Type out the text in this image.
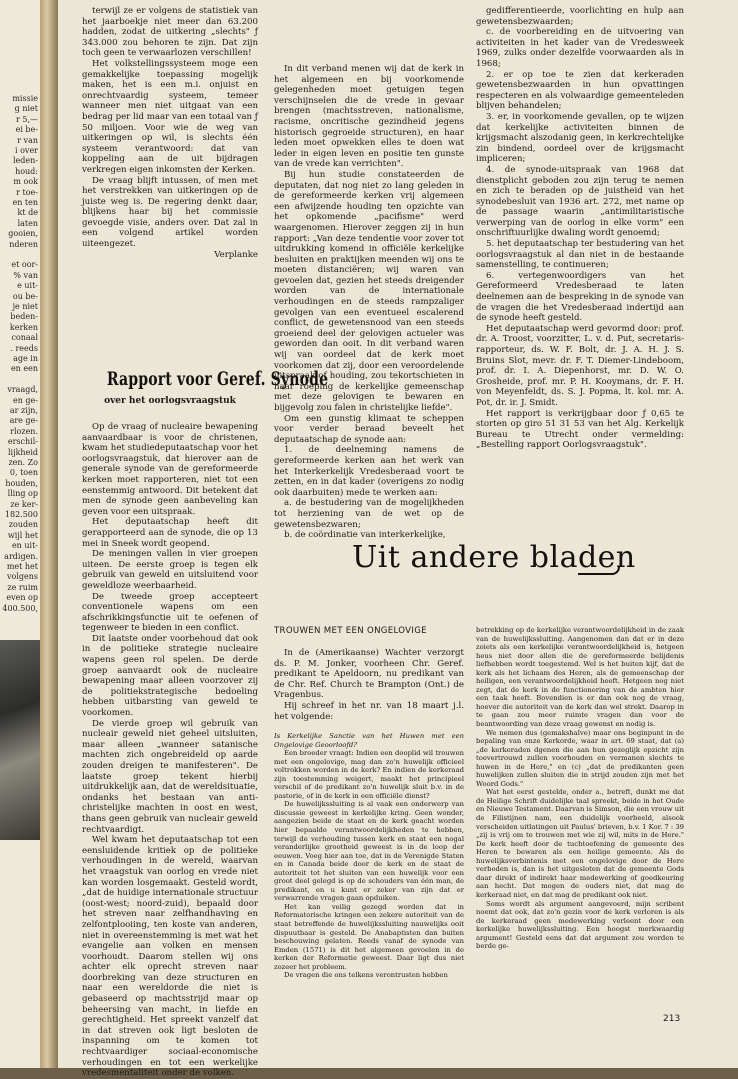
missie
g niet
r 5,—
ei be-
r van
i over
leden-
houd:
m ook
r toe-
en ten
kt de
laten
gooien,
nderen
et oor-
% van
e uit-
ou be-
je niet
beden-
kerken
conaal
. reeds
age in
en een
vraagd,
en ge-
ar zijn,
are ge-
rlozen.
erschil-
lijkheid
zen. Zo
0, toen
houden,
lling op
ze ker-
182.500
zouden
wijl het
en uit-
ardigen.
met het
volgens
ze ruim
even op
400.500,

terwijl ze er volgens de statistiek van het jaarboekje niet meer dan 63.200 hadden, zodat de uitkering „slechts" ƒ 343.000 zou behoren te zijn. Dat zijn toch geen te verwaarlozen verschillen!

Het volkstellingssysteem moge een gemakkelijke toepassing mogelijk maken, het is een m.i. onjuist en onrechtvaardig systeem, temeer wanneer men niet uitgaat van een bedrag per lid maar van een totaal van ƒ 50 miljoen. Voor wie de weg van uitkeringen op wil, is slechts één systeem verantwoord: dat van koppeling aan de uit bijdragen verkregen eigen inkomsten der Kerken.

De vraag blijft intussen, of men met het verstrekken van uitkeringen op de juiste weg is. De regering denkt daar, blijkens haar bij het commissie gevoegde visie, anders over. Dat zal in een volgend artikel worden uiteengezet.

Verplanke
Rapport voor Geref. Synode
over het oorlogsvraagstuk

Op de vraag of nucleaire bewapening aanvaardbaar is voor de christenen, kwam het studiedeputaatschap voor het oorlogsvraagstuk, dat hierover aan de generale synode van de gereformeerde kerken moet rapporteren, niet tot een eenstemmig antwoord. Dit betekent dat men de synode geen aanbeveling kan geven voor een uitspraak.

Het deputaatschap heeft dit gerapporteerd aan de synode, die op 13 mei in Sneek wordt geopend.

De meningen vallen in vier groepen uiteen. De eerste groep is tegen elk gebruik van geweld en uitsluitend voor geweldloze weerbaarheid.

De tweede groep accepteert conventionele wapens om een afschrikkingsfunctie uit te oefenen of tegenweer te bieden in een conflict.

Dit laatste onder voorbehoud dat ook in de politieke strategie nucleaire wapens geen rol spelen. De derde groep aanvaardt ook de nucleaire bewapening maar alleen voorzover zij de politiekstrategische bedoeling hebben uitbarsting van geweld te voorkomen.

De vierde groep wil gebruik van nucleair geweld niet geheel uitsluiten, maar alleen „wanneer satanische machten zich ongebreideld op aarde zouden dreigen te manifesteren". De laatste groep tekent hierbij uitdrukkelijk aan, dat de wereldsituatie, ondanks het bestaan van anti-christelijke machten in oost en west, thans geen gebruik van nucleair geweld rechtvaardigt.

Wel kwam het deputaatschap tot een eensluidende kritiek op de politieke verhoudingen in de wereld, waarvan het vraagstuk van oorlog en vrede niet kan worden losgemaakt. Gesteld wordt, „dat de huidige internationale structuur (oost-west; noord-zuid), bepaald door het streven naar zelfhandhaving en zelfontplooiing, ten koste van anderen, niet in overeenstemming is met wat het evangelie aan volken en mensen voorhoudt. Daarom stellen wij ons achter elk oprecht streven naar doorbreking van deze structuren en naar een wereldorde die niet is gebaseerd op machtsstrijd maar op beheersing van macht, in liefde en gerechtigheid. Het spreekt vanzelf dat in dat streven ook ligt besloten de inspanning om te komen tot rechtvaardiger sociaal-economische verhoudingen en tot een werkelijke vredesmentaliteit onder de volken.

In dit verband menen wij dat de kerk in het algemeen en bij voorkomende gelegenheden moet getuigen tegen verschijnselen die de vrede in gevaar brengen (machtsstreven, nationalisme, racisme, oncritische gezindheid jegens historisch gegroeide structuren), en haar leden moet opwekken elles te doen wat leder in eigen leven en positie ten gunste van de vrede kan verrichten".

Bij hun studie constateerden de deputaten, dat nog niet zo lang geleden in de gereformeerde kerken vrij algemeen een afwijzende houding ten opzichte van het opkomende „pacifisme" werd waargenomen. Hierover zeggen zij in hun rapport: „Van deze tendentie voor zover tot uitdrukking komend in officiële kerkelijke besluiten en praktijken meenden wij ons te moeten distanciëren; wij waren van gevoelen dat, gezien het steeds dreigender worden van de internationale verhoudingen en de steeds rampzaliger gevolgen van een eventueel escalerend conflict, de gewetensnood van een steeds groeiend deel der gelovigen actueler was geworden dan ooit. In dit verband waren wij van oordeel dat de kerk moet voorkomen dat zij, door een veroordelende uitspraak of houding, zou tekortschieten in haar roeping de kerkelijke gemeenschap met deze gelovigen te bewaren en bijgevolg zou falen in christelijke liefde".

Om een gunstig klimaat te scheppen voor verder beraad beveelt het deputaatschap de synode aan:

1. de deelneming namens de gereformeerde kerken aan het werk van het Interkerkelijk Vredesberaad voort te zetten, en in dat kader (overigens zo nodig ook daarbuiten) mede te werken aan:

a. de bestudering van de mogelijkheden tot herziening van de wet op de gewetensbezwaren;

b. de coördinatie van interkerkelijke,

gedifferentieerde, voorlichting en hulp aan gewetensbezwaarden;

c. de voorbereiding en de uitvoering van activiteiten in het kader van de Vredesweek 1969, zulks onder dezelfde voorwaarden als in 1968;

2. er op toe te zien dat kerkeraden gewetensbezwaarden in hun opvattingen respecteren en als volwaardige gemeenteleden blijven behandelen;

3. er, in voorkomende gevallen, op te wijzen dat kerkelijke activiteiten binnen de krijgsmacht alszodanig geen, in kerkrechtelijke zin bindend, oordeel over de krijgsmacht impliceren;

4. de synode-uitspraak van 1968 dat dienstplicht geboden zou zijn terug te nemen en zich te beraden op de juistheid van het synodebesluit van 1936 art. 272, met name op de passage waarin „antimilitaristische verwerping van de oorlog in elke vorm" een onschriftuurlijke dwaling wordt genoemd;

5. het deputaatschap ter bestudering van het oorlogsvraagstuk al dan niet in de bestaande samenstelling, te continueren;

6. vertegenwoordigers van het Gereformeerd Vredesberaad te laten deelnemen aan de bespreking in de synode van de vragen die het Vredesberaad indertijd aan de synode heeft gesteld.

Het deputaatschap werd gevormd door: prof. dr. A. Troost, voorzitter, L. v. d. Put, secretaris-rapporteur, ds. W. F. Bolt, dr. J. A. H. J. S. Bruins Slot, mevr. dr. F. T. Diemer-Lindeboom, prof. dr. I. A. Diepenhorst, mr. D. W. O. Grosheide, prof. mr. P. H. Kooymans, dr. F. H. von Meyenfeldt, ds. S. J. Popma, lt. kol. mr. A. Pot, dr. ir. J. Smidt.

Het rapport is verkrijgbaar door ƒ 0,65 te storten op giro 51 31 53 van het Alg. Kerkelijk Bureau te Utrecht onder vermelding: „Bestelling rapport Oorlogsvraagstuk".

Uit andere bladen
TROUWEN MET EEN ONGELOVIGE

In de (Amerikaanse) Wachter verzorgt ds. P. M. Jonker, voorheen Chr. Geref. predikant te Apeldoorn, nu predikant van de Chr. Ref. Church te Brampton (Ont.) de Vragenbus.

Hij schreef in het nr. van 18 maart j.l. het volgende:

Is Kerkelijke Sanctie van het Huwen met een Ongelovige Geoorloofd?

Een broeder vraagt: Indien een dooplid wil trouwen met een ongelovige, mag dan zo'n huwelijk officieel voltrokken worden in de kerk? En indien de kerkeraad zijn toestemming weigert, maakt het principieel verschil of de predikant zo'n huwelijk sluit b.v. in de pastorie, of in de kerk in een officiële dienst?

De huwelijkssluiting is al vaak een onderwerp van discussie geweest in kerkelijke kring. Geen wonder, aangezien beide de staat en de kerk geacht worden hier bepaalde verantwoordelijkheden te hebben, terwijl de verhouding tussen kerk en staat een nogal veranderlijke grootheid geweest is in de loop der eeuwen. Voeg hier aan toe, dat in de Verenigde Staten en in Canada beide door de kerk en de staat de autoriteit tot het sluiten van een huwelijk voor een groot deel gelegd is op de schouders van één man, de predikant, en u kunt er zeker van zijn dat er verwarrende vragen gaan opduiken.

Het kan veilig gezegd worden dat in Reformatorische kringen een zekere autoriteit van de staat betreffende de huwelijkssluiting nauwelijks ooit dispuutbaar is gesteld. De Anabaptisten dan buiten beschouwing gelaten. Reeds vanaf de synode van Emden (1571) is dit het algemeen gevoelen in de kerken der Reformatie geweest. Daar ligt dus niet zozeer het probleem.

De vragen die ons telkens verontrusten hebben

betrekking op de kerkelijke verantwoordelijkheid in de zaak van de huwelijkssluiting. Aangenomen dan dat er in deze zoiets als een kerkelijke verantwoordelijkheid is, hetgeen heus niet door allen die de gereformeerde belijdenis liefhebben wordt toegestemd. Wel is het buiten kijf, dat de kerk als het lichaam des Heren, als de gemeenschap der heiligen, een verantwoordelijkheid heeft. Hetgeen nog niet zegt, dat de kerk in de functionering van de ambten hier een taak heeft. Bovendien is er dan ook nog de vraag, hoever die autoriteit van de kerk dan wel strekt. Daarop in te gaan zou meer ruimte vragen dan voor de beantwoording van deze vraag gewenst en nodig is.

We nemen dus (gemakshalve) maar ons beginpunt in de bepaling van onze Kerkorde, waar in art. 69 staat, dat (a) „de kerkeraden dgenen die aan hun gezeglijk opzicht zijn toevertrouwd zullen voorhouden en vermanen slechts te huwen in de Here," en (c) „dat de predikanten geen huwelijken zullen sluiten die in strijd zouden zijn met het Woord Gods."

Wat het eerst gestelde, onder a., betreft, dunkt me dat de Heilige Schrift duidelijke taal spreekt, beide in het Oude en Nieuwe Testament. Daarvan is Simson, die een vrouw uit de Filistijnen nam, een duidelijk voorbeeld, alsook verscheiden uitlatingen uit Paulus' brieven, b.v. 1 Kor. 7 : 39 „zij is vrij om te trouwen met wie zij wil, mits in de Here." De kerk heeft door de tuchtoefening de gemeente des Heren te bewaren als een heilige gemeente. Als de huwelijksverbintenis met een ongelovige door de Here verboden is, dan is het uitgesloten dat de gemeente Gods daar direkt of indirekt haar medewerking of goedkeuring aan hecht. Dat mogen de ouders niet, dat mag de kerkeraad niet, en dat mag de predikant ook niet.

Soms wordt als argument aangevoerd, mijn scribent noemt dat ook, dat zo'n gezin voor de kerk verloren is als de kerkeraad geen medewerking verleent door een kerkelijke huwelijkssluiting. Een hoogst merkwaardig argument! Gesteld eens dat dat argument zou worden te berde ge-

213
